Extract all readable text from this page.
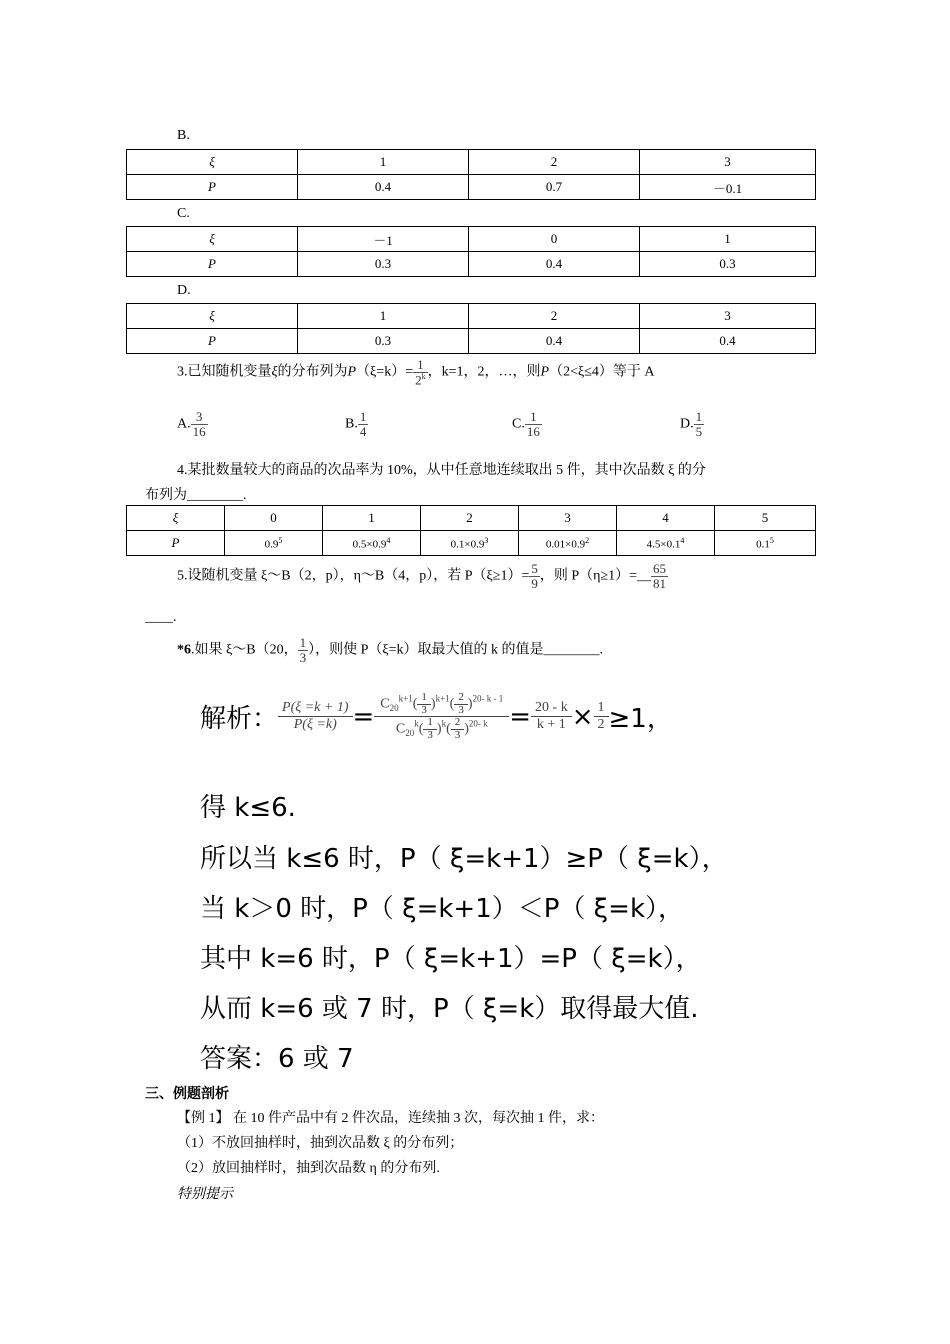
B.
ξ	1	2	3
P	0.4	0.7	－0.1
C.
ξ	－1	0	1
P	0.3	0.4	0.3
D.
ξ	1	2	3
P	0.3	0.4	0.4
3.已知随机变量ξ的分布列为$P(\xi=k)= \frac{1}{2^k}$ ，k=1，2，…，则P（2<ξ≤4）等于 A
A. $\frac{3}{16}$	B. $\frac{1}{4}$	C. $\frac{1}{16}$	D. $\frac{1}{5}$
4.某批数量较大的商品的次品率为 10%，从中任意地连续取出 5 件，其中次品数 ξ 的分
布列为________.
ξ	0	1	2	3	4	5
P	$0.9^5$	$0.5\times 0.9^4$	$0.1\times 0.9^3$	$0.01\times 0.9^2$	$4.5\times 0.1^4$	$0.1^5$
5.设随机变量 ξ～B（2，p），η～B（4，p），若 $P(\xi\ge 1)= \frac{5}{9}$ ，则 P（η≥1）=__ $\frac{65}{81}$
____.
*6.如果 ξ～B（20， $\frac{1}{3}$ ），则使 P（ξ=k）取最大值的 k 的值是________.
解析： $\frac{P(\xi =k + 1)}{P(\xi =k)} = \frac{C_{20}^{k+1}( \frac{1}{3} )^{k+1}( \frac{2}{3} )^{20- k - 1}}{C_{20}^k( \frac{1}{3} )^k( \frac{2}{3} )^{20- k}} = \frac{20 - k}{k + 1} \times \frac{1}{2} \ge 1$，
得 k≤6.
所以当 k≤6 时，P（ ξ=k+1）≥P（ ξ=k），
当 k＞0 时，P（ ξ=k+1）＜P（ ξ=k），
其中 k=6 时，P（ ξ=k+1）=P（ ξ=k），
从而 k=6 或 7 时，P（ ξ=k）取得最大值.
答案：6 或 7
三、例题剖析
【例 1】 在 10 件产品中有 2 件次品，连续抽 3 次，每次抽 1 件，求：
（1）不放回抽样时，抽到次品数 ξ 的分布列；
（2）放回抽样时，抽到次品数 η 的分布列.
特别提示
